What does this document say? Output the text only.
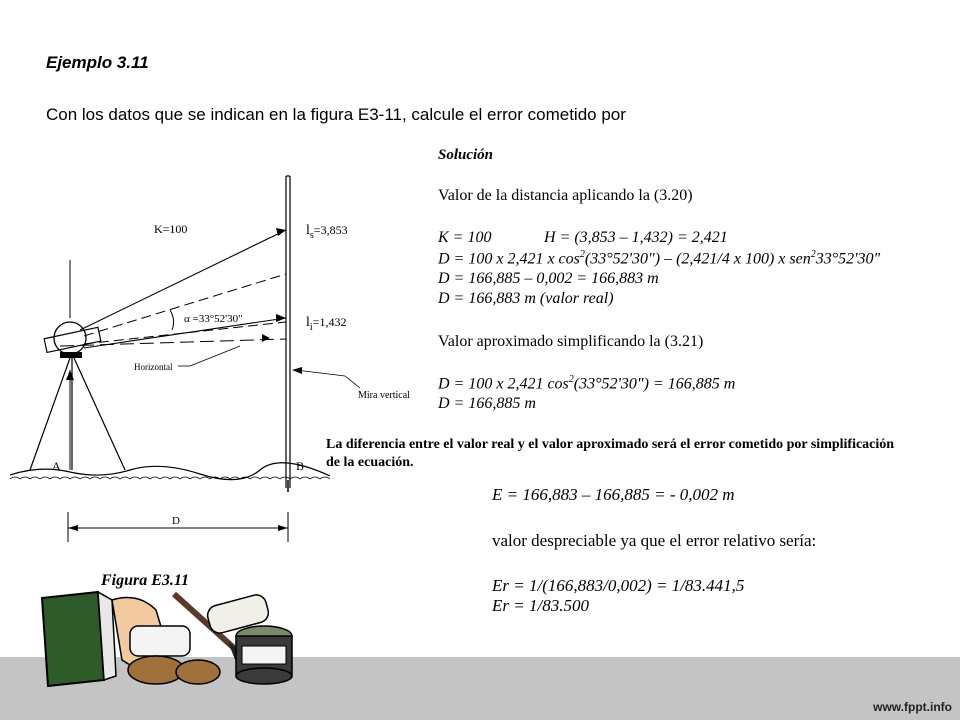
Ejemplo 3.11
Con los datos que se indican en la figura E3-11, calcule el error cometido por
K=100	$l_s=3,853$
$l_i=1,432$
α =33°52'30"
Horizontal
Mira vertical
A	B
D
Figura E3.11
Solución
Valor de la distancia aplicando la (3.20)
K = 100	H = (3,853 – 1,432) = 2,421
D = 100 x 2,421 x $\cos^2(33^\circ 52'30") - (2,421/4$ x 100) x sen$^2$33°52'30"
D = 166,885 – 0,002 = 166,883 m
D = 166,883 m (valor real)
Valor aproximado simplificando la (3.21)
D = 100 x 2,421 $\cos^2(33^\circ 52'30") = 166,885$ m
D = 166,885 m
La diferencia entre el valor real y el valor aproximado será el error cometido por simplificación
de la ecuación.
E = 166,883 – 166,885 = - 0,002 m
valor despreciable ya que el error relativo sería:
Er = 1/(166,883/0,002) = 1/83.441,5
Er = 1/83.500
www.fppt.info
